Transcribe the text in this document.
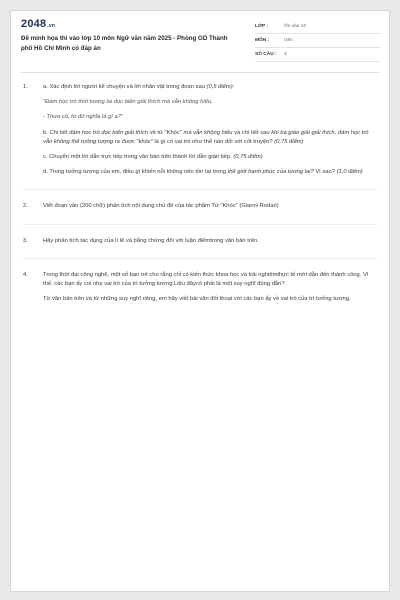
2048.vn
Đề minh họa thi vào lớp 10 môn Ngữ văn năm 2025 - Phòng GD Thành phố Hồ Chí Minh có đáp án
LỚP :	Ôn vào 10
MÔN :	Văn
SỐ CÂU :	4
1.	a. Xác định lời người kể chuyện và lời nhân vật trong đoạn sau (0,5 điểm):

"Đám học trò thời tương lai đọc biến giải thích mà vẫn không hiểu.

- Thưa cô, từ đó nghĩa là gì ạ?"

b. Chi tiết đám học trò đọc biến giải thích về từ "Khóc" mà vẫn không hiểu và chi tiết sau khi bà giáo giải giải thích, đám học trò vẫn không thể tưởng tượng ra được "khóc" là gì có vai trò như thế nào đối với cốt truyện? (0,75 điểm)

c. Chuyển một lời dẫn trực tiếp trong văn bản trên thành lời dẫn gián tiếp. (0,75 điểm)

d. Trong tưởng tượng của em, điều gì khiến nỗi không nên tồn tại trong thế giới hạnh phúc của tương lai? Vì sao? (1,0 điểm)

2.	Viết đoạn văn (200 chữ) phân tích nội dung chủ đề của tác phẩm Từ "Khóc" (Gianni Rodari)

3.	Hãy phân tích tác dụng của lí lẽ và bằng chứng đối với luận điểmtrong văn bản trên.

4.	Trong thời đại công nghệ, một số bạn trẻ cho rằng chỉ có kiến thức khoa học và trải nghiệmthực tế mới dẫn đến thành công. Vì thế, các bạn ấy coi nhẹ vai trò của trí tưởng tượng.Liệu đâycó phải là một suy nghĩ đúng đắn?

Từ văn bản trên và từ những suy nghĩ riêng, em hãy viết bài văn đối thoại với các bạn ấy về vai trò của trí tưởng tượng.
